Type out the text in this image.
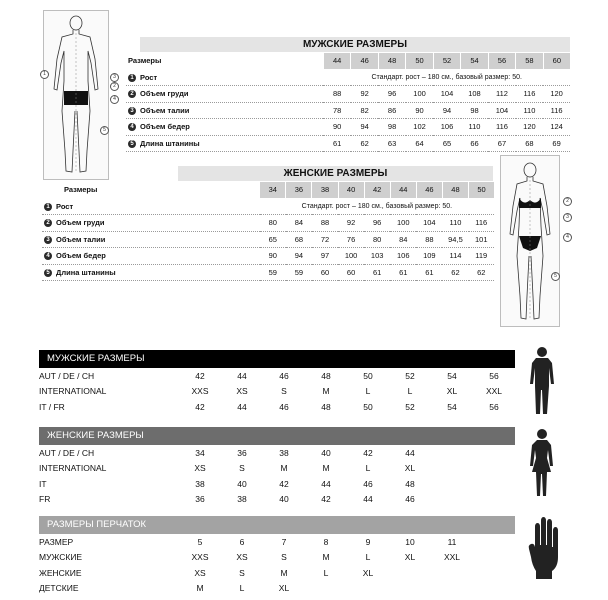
1	3
2
4
5
МУЖСКИЕ РАЗМЕРЫ
Размеры	44	46	48	50	52	54	56	58	60
1 Рост	Стандарт. рост – 180 см., базовый размер: 50.								
2 Объем груди	88	92	96	100	104	108	112	116	120
3 Объем талии	78	82	86	90	94	98	104	110	116
4 Объем бедер	90	94	98	102	106	110	116	120	124
5 Длина штанины	61	62	63	64	65	66	67	68	69
ЖЕНСКИЕ РАЗМЕРЫ
Размеры	34	36	38	40	42	44	46	48	50
1 Рост	Стандарт. рост – 180 см., базовый размер: 50.								
2 Объем груди	80	84	88	92	96	100	104	110	116
3 Объем талии	65	68	72	76	80	84	88	94,5	101
4 Объем бедер	90	94	97	100	103	106	109	114	119
5 Длина штанины	59	59	60	60	61	61	61	62	62
2
3
4
5
МУЖСКИЕ РАЗМЕРЫ
AUT / DE / CH	42	44	46	48	50	52	54	56
INTERNATIONAL	XXS	XS	S	M	L	L	XL	XXL
IT / FR	42	44	46	48	50	52	54	56
ЖЕНСКИЕ РАЗМЕРЫ
AUT / DE / CH	34	36	38	40	42	44
INTERNATIONAL	XS	S	M	M	L	XL
IT	38	40	42	44	46	48
FR	36	38	40	42	44	46
РАЗМЕРЫ ПЕРЧАТОК
РАЗМЕР	5	6	7	8	9	10	11
МУЖСКИЕ	XXS	XS	S	M	L	XL	XXL
ЖЕНСКИЕ	XS	S	M	L	XL		
ДЕТСКИЕ	M	L	XL				
